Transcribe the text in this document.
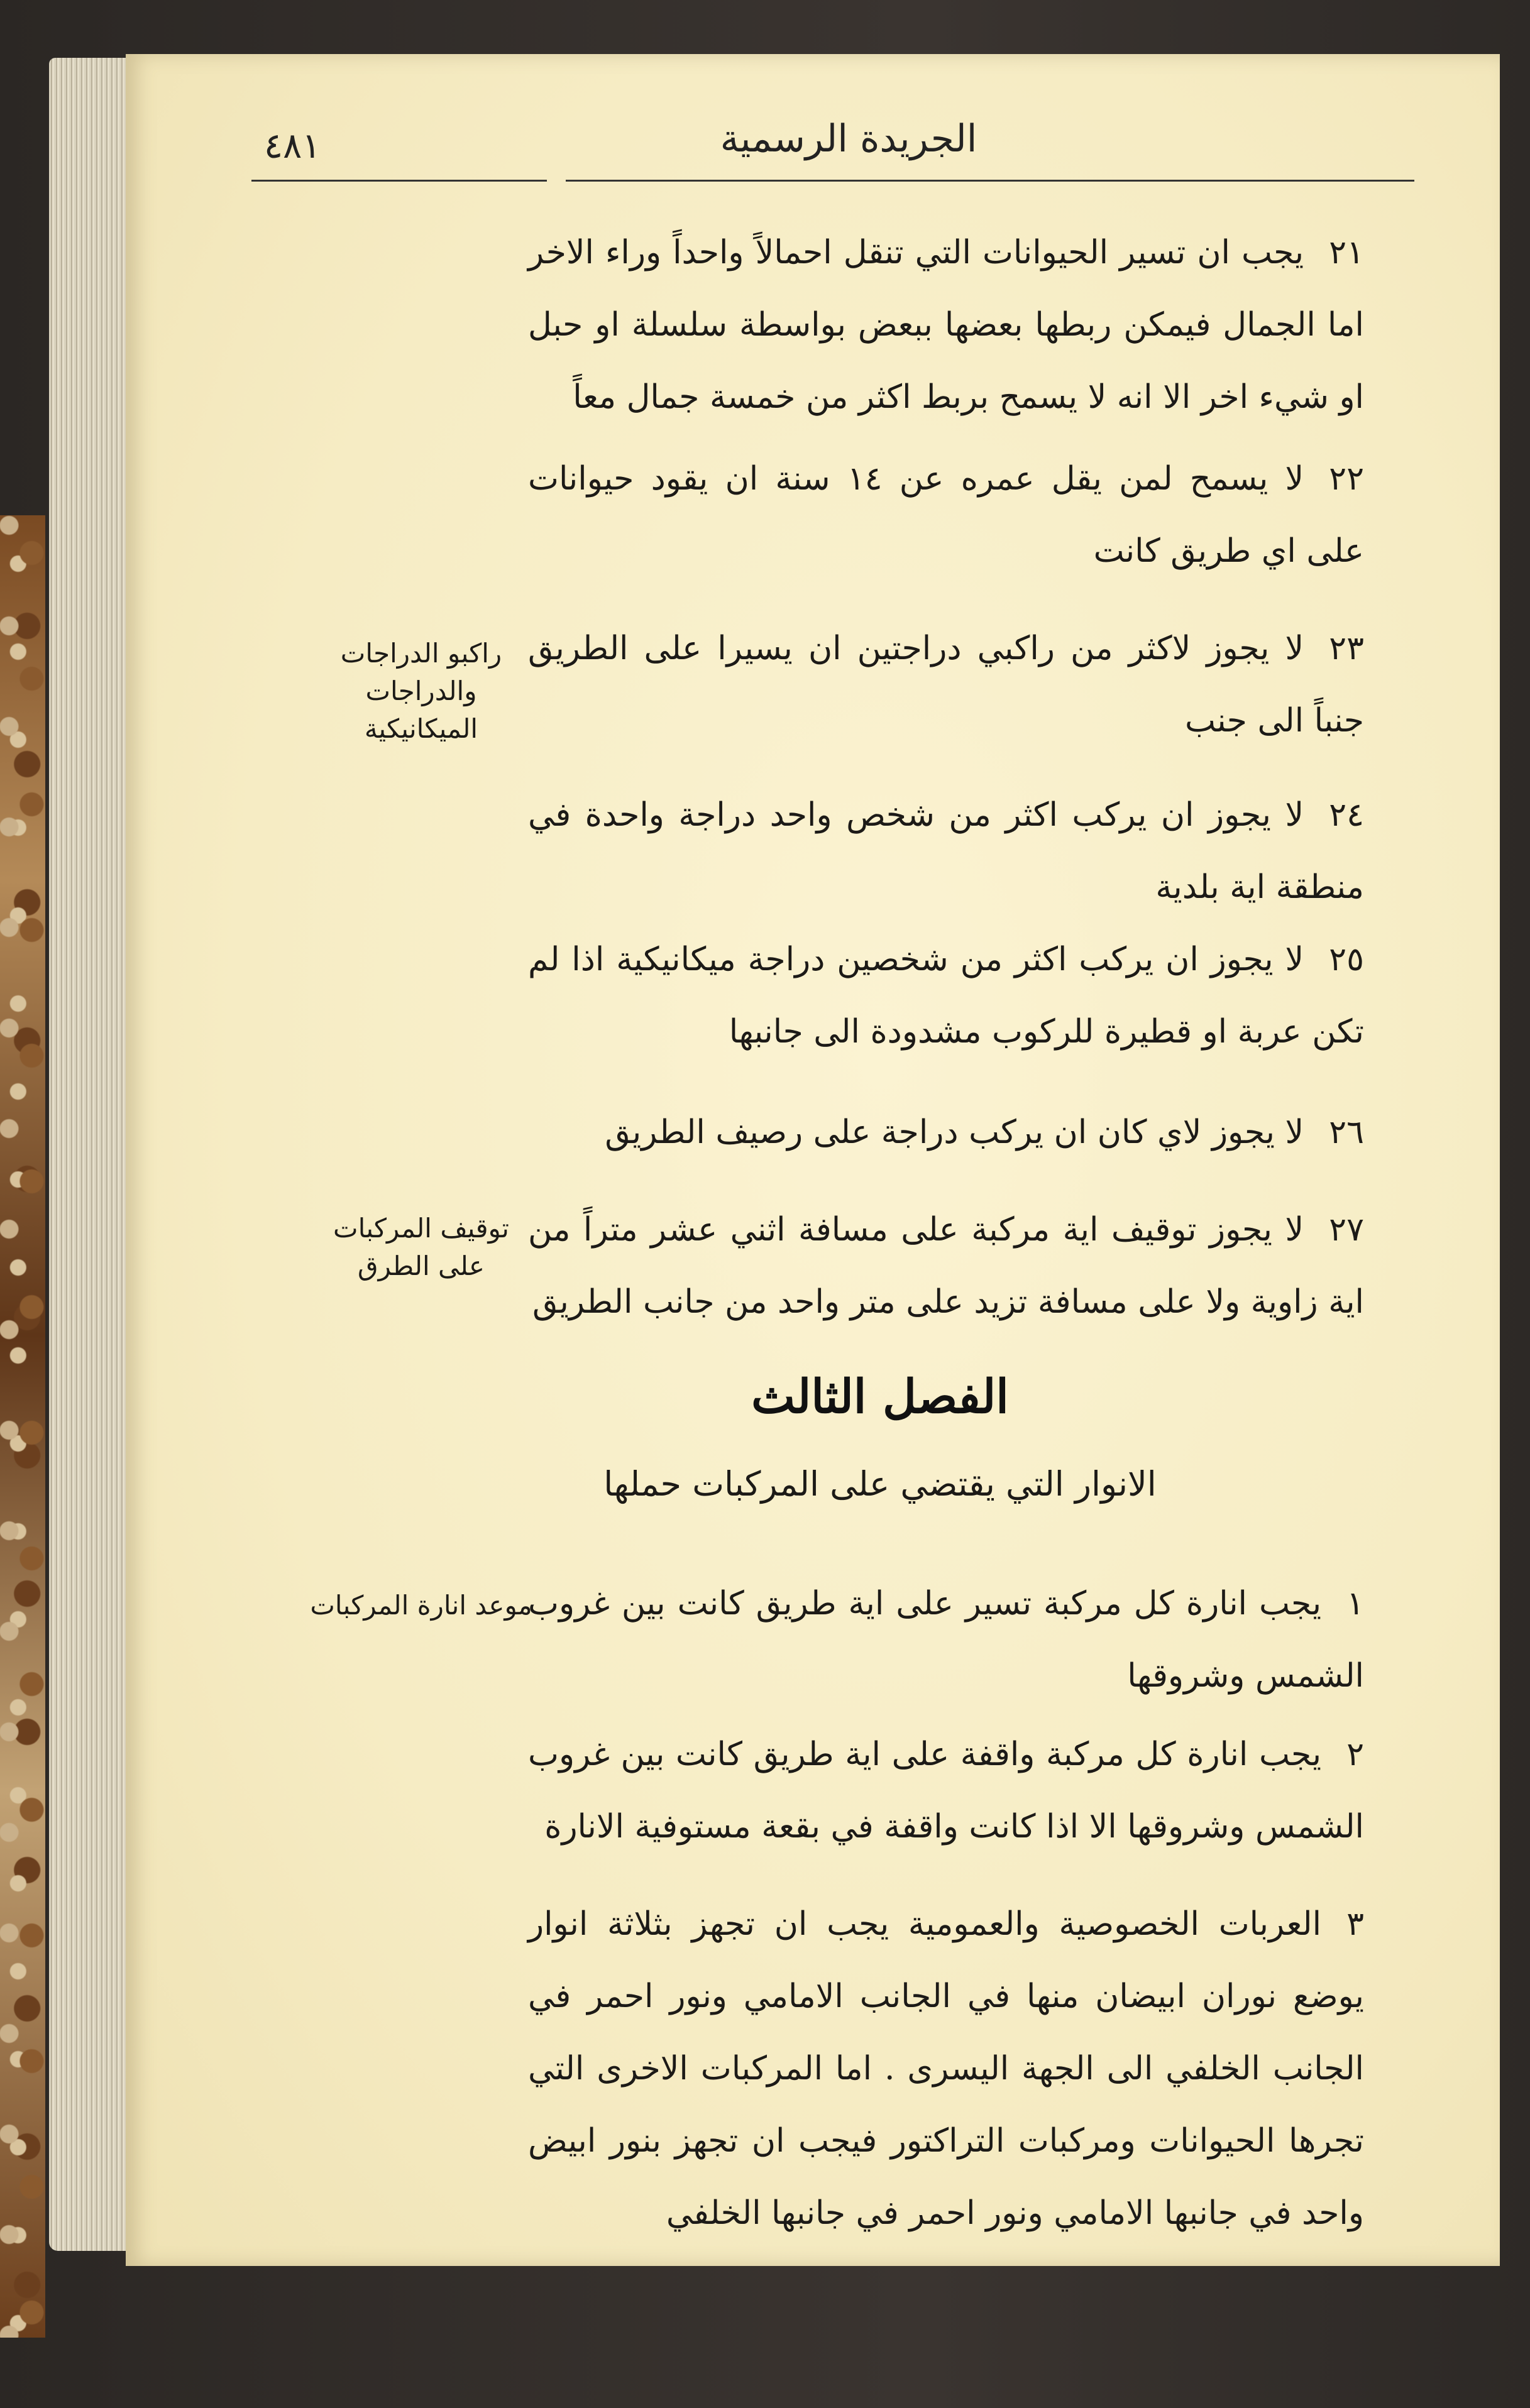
٤٨١	الجريدة الرسمية
٢١يجب ان تسير الحيوانات التي تنقل احمالاً واحداً وراء الاخر اما الجمال فيمكن ربطها بعضها ببعض بواسطة سلسلة او حبل او شيء اخر الا انه لا يسمح بربط اكثر من خمسة جمال معاً
٢٢لا يسمح لمن يقل عمره عن ١٤ سنة ان يقود حيوانات على اي طريق كانت
راكبو الدراجات والدراجات الميكانيكية
٢٣لا يجوز لاكثر من راكبي دراجتين ان يسيرا على الطريق جنباً الى جنب
٢٤لا يجوز ان يركب اكثر من شخص واحد دراجة واحدة في منطقة اية بلدية
٢٥لا يجوز ان يركب اكثر من شخصين دراجة ميكانيكية اذا لم تكن عربة او قطيرة للركوب مشدودة الى جانبها
٢٦لا يجوز لاي كان ان يركب دراجة على رصيف الطريق
توقيف المركبات على الطرق
٢٧لا يجوز توقيف اية مركبة على مسافة اثني عشر متراً من اية زاوية ولا على مسافة تزيد على متر واحد من جانب الطريق
الفصل الثالث
الانوار التي يقتضي على المركبات حملها
موعد انارة المركبات	١يجب انارة كل مركبة تسير على اية طريق كانت بين غروب الشمس وشروقها
٢يجب انارة كل مركبة واقفة على اية طريق كانت بين غروب الشمس وشروقها الا اذا كانت واقفة في بقعة مستوفية الانارة
٣العربات الخصوصية والعمومية يجب ان تجهز بثلاثة انوار يوضع نوران ابيضان منها في الجانب الامامي ونور احمر في الجانب الخلفي الى الجهة اليسرى . اما المركبات الاخرى التي تجرها الحيوانات ومركبات التراكتور فيجب ان تجهز بنور ابيض واحد في جانبها الامامي ونور احمر في جانبها الخلفي
